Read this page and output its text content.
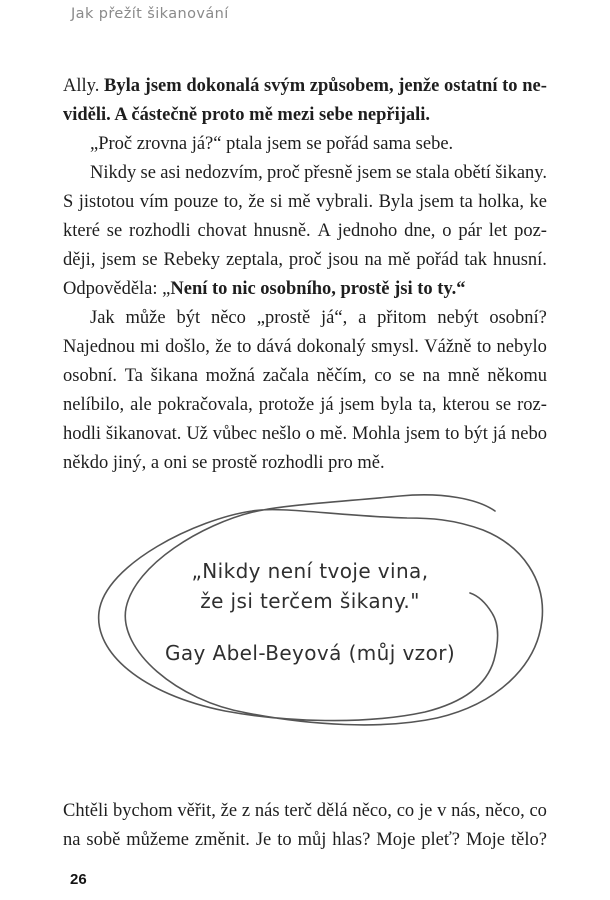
Jak přežít šikanování
Ally. Byla jsem dokonalá svým způsobem, jenže ostatní to ne-
viděli. A částečně proto mě mezi sebe nepřijali.
„Proč zrovna já?“ ptala jsem se pořád sama sebe.
Nikdy se asi nedozvím, proč přesně jsem se stala obětí šikany.
S jistotou vím pouze to, že si mě vybrali. Byla jsem ta holka, ke
které se rozhodli chovat hnusně. A jednoho dne, o pár let poz-
ději, jsem se Rebeky zeptala, proč jsou na mě pořád tak hnusní.
Odpověděla: „Není to nic osobního, prostě jsi to ty.“
Jak může být něco „prostě já“, a přitom nebýt osobní?
Najednou mi došlo, že to dává dokonalý smysl. Vážně to nebylo
osobní. Ta šikana možná začala něčím, co se na mně někomu
nelíbilo, ale pokračovala, protože já jsem byla ta, kterou se roz-
hodli šikanovat. Už vůbec nešlo o mě. Mohla jsem to být já nebo
někdo jiný, a oni se prostě rozhodli pro mě.
„Nikdy není tvoje vina,
že jsi terčem šikany."
Gay Abel-Beyová (můj vzor)
Chtěli bychom věřit, že z nás terč dělá něco, co je v nás, něco, co
na sobě můžeme změnit. Je to můj hlas? Moje pleť? Moje tělo?
26
